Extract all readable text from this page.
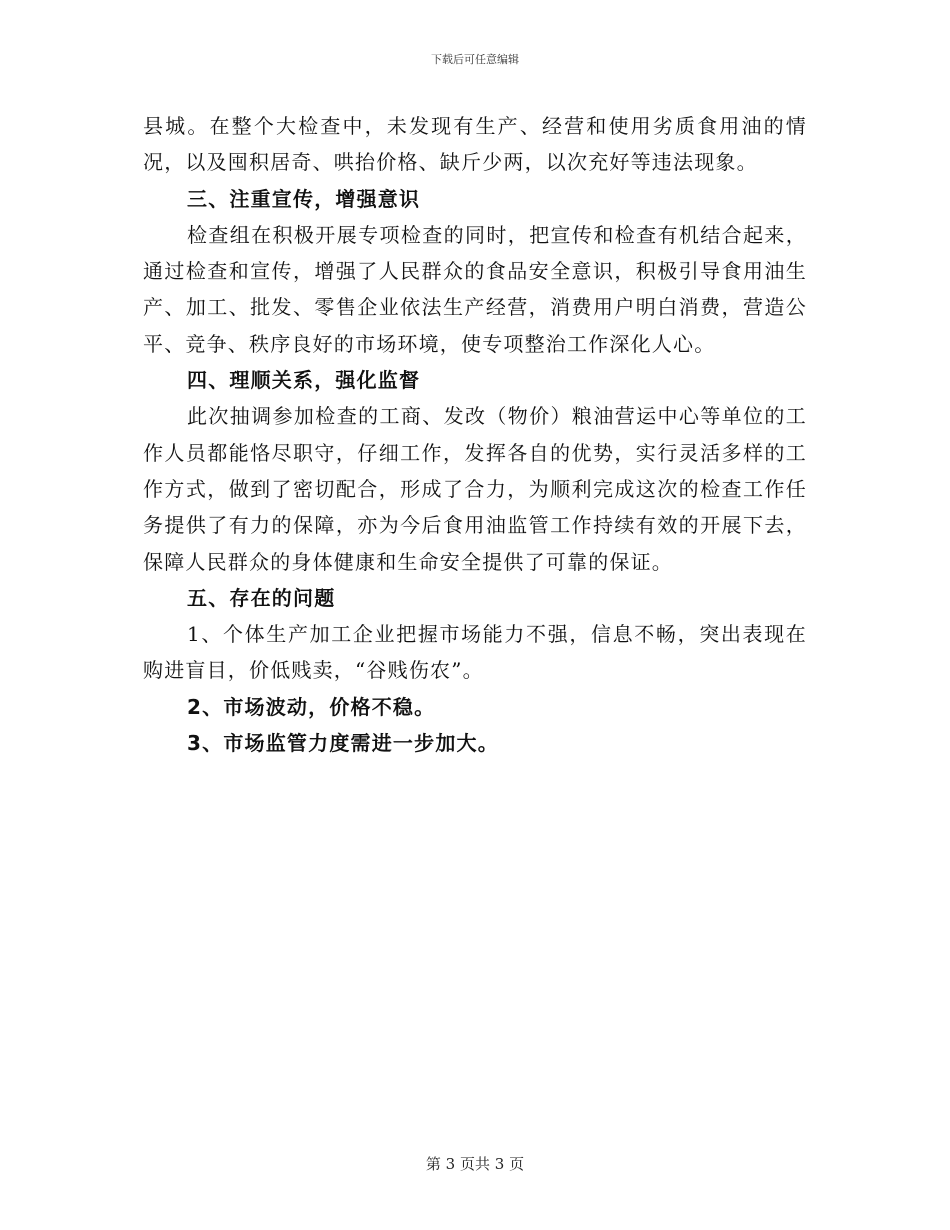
下载后可任意编辑

县城。在整个大检查中，未发现有生产、经营和使用劣质食用油的情况，以及囤积居奇、哄抬价格、缺斤少两，以次充好等违法现象。

三、注重宣传，增强意识

检查组在积极开展专项检查的同时，把宣传和检查有机结合起来，通过检查和宣传，增强了人民群众的食品安全意识，积极引导食用油生产、加工、批发、零售企业依法生产经营，消费用户明白消费，营造公平、竞争、秩序良好的市场环境，使专项整治工作深化人心。

四、理顺关系，强化监督

此次抽调参加检查的工商、发改（物价）粮油营运中心等单位的工作人员都能恪尽职守，仔细工作，发挥各自的优势，实行灵活多样的工作方式，做到了密切配合，形成了合力，为顺利完成这次的检查工作任务提供了有力的保障，亦为今后食用油监管工作持续有效的开展下去，保障人民群众的身体健康和生命安全提供了可靠的保证。

五、存在的问题

1、个体生产加工企业把握市场能力不强，信息不畅，突出表现在购进盲目，价低贱卖，“谷贱伤农”。

2、市场波动，价格不稳。

3、市场监管力度需进一步加大。

第 3 页共 3 页
